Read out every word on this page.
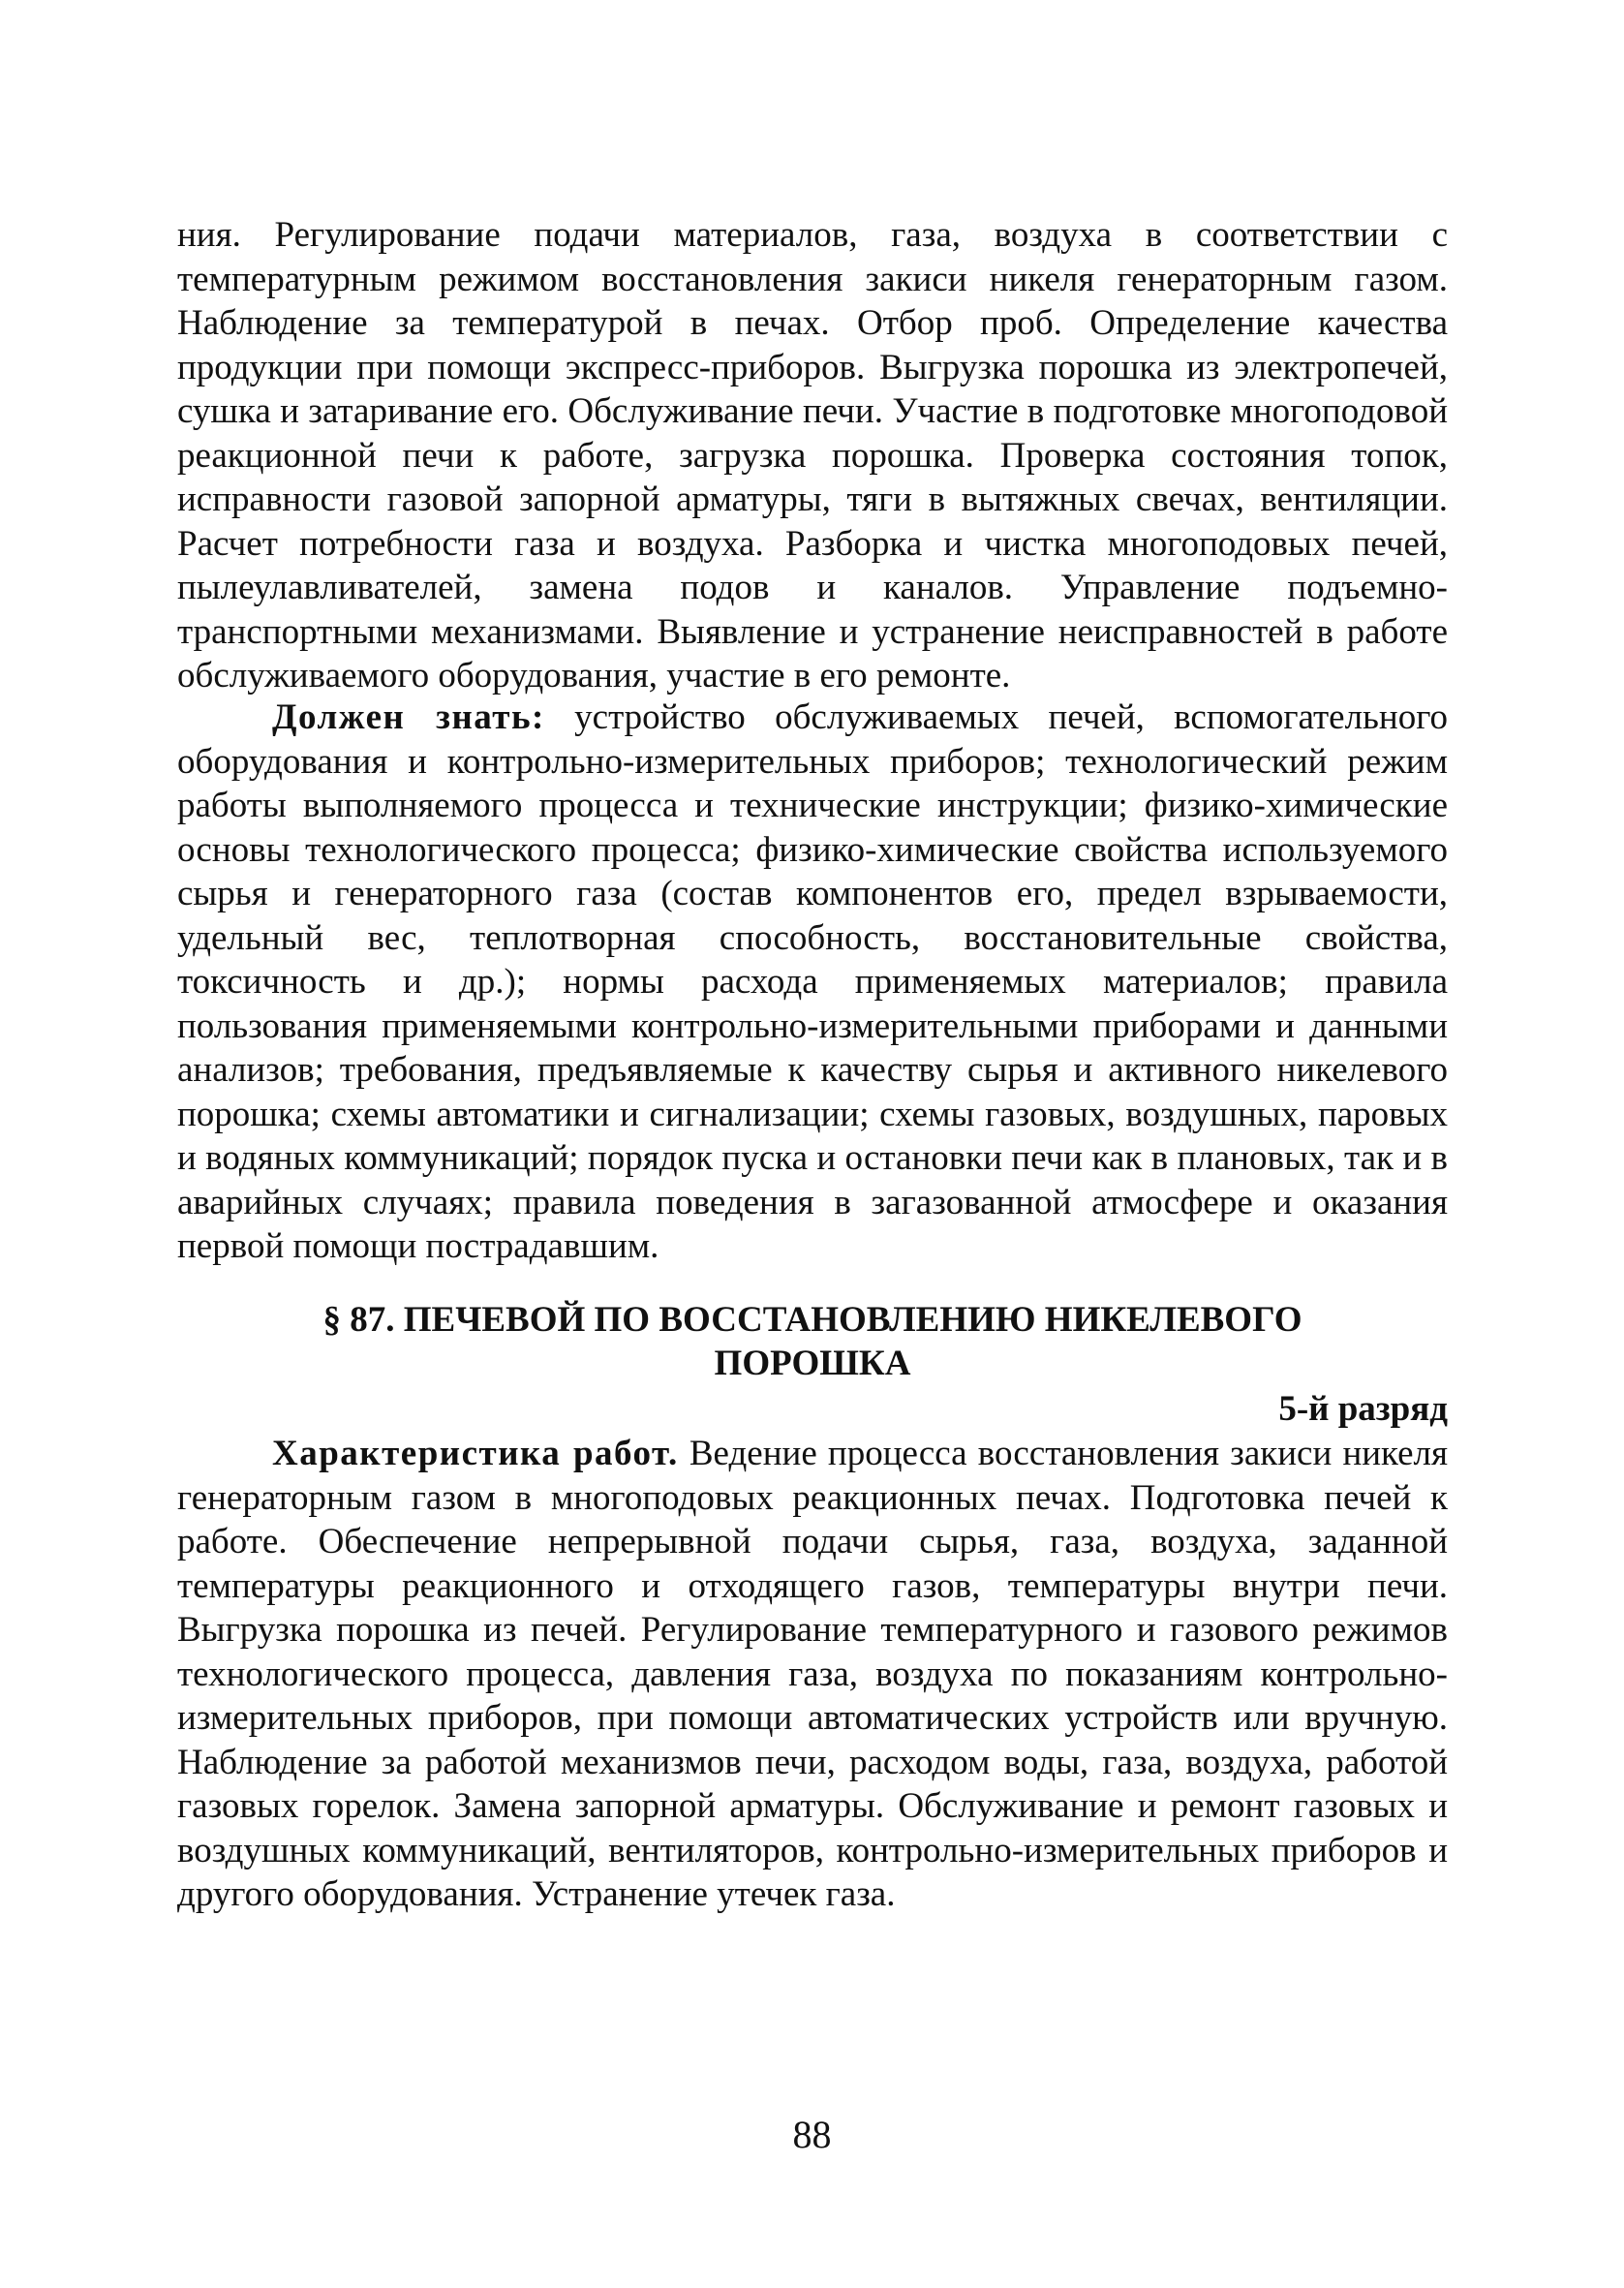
ния. Регулирование подачи материалов, газа, воздуха в соответствии с температурным режимом восстановления закиси никеля генераторным газом. Наблюдение за температурой в печах. Отбор проб. Определение качества продукции при помощи экспресс-приборов. Выгрузка порошка из электропечей, сушка и затаривание его. Обслуживание печи. Участие в подготовке многоподовой реакционной печи к работе, загрузка порошка. Проверка состояния топок, исправности газовой запорной арматуры, тяги в вытяжных свечах, вентиляции. Расчет потребности газа и воздуха. Разборка и чистка многоподовых печей, пылеулавливателей, замена подов и каналов. Управление подъемно-транспортными механизмами. Выявление и устранение неисправностей в работе обслуживаемого оборудования, участие в его ремонте.

Должен знать: устройство обслуживаемых печей, вспомогательного оборудования и контрольно-измерительных приборов; технологический режим работы выполняемого процесса и технические инструкции; физико-химические основы технологического процесса; физико-химические свойства используемого сырья и генераторного газа (состав компонентов его, предел взрываемости, удельный вес, теплотворная способность, восстановительные свойства, токсичность и др.); нормы расхода применяемых материалов; правила пользования применяемыми контрольно-измерительными приборами и данными анализов; требования, предъявляемые к качеству сырья и активного никелевого порошка; схемы автоматики и сигнализации; схемы газовых, воздушных, паровых и водяных коммуникаций; порядок пуска и остановки печи как в плановых, так и в аварийных случаях; правила поведения в загазованной атмосфере и оказания первой помощи пострадавшим.

§ 87. ПЕЧЕВОЙ ПО ВОССТАНОВЛЕНИЮ НИКЕЛЕВОГО
ПОРОШКА

5-й разряд

Характеристика работ. Ведение процесса восстановления закиси никеля генераторным газом в многоподовых реакционных печах. Подготовка печей к работе. Обеспечение непрерывной подачи сырья, газа, воздуха, заданной температуры реакционного и отходящего газов, температуры внутри печи. Выгрузка порошка из печей. Регулирование температурного и газового режимов технологического процесса, давления газа, воздуха по показаниям контрольно-измерительных приборов, при помощи автоматических устройств или вручную. Наблюдение за работой механизмов печи, расходом воды, газа, воздуха, работой газовых горелок. Замена запорной арматуры. Обслуживание и ремонт газовых и воздушных коммуникаций, вентиляторов, контрольно-измерительных приборов и другого оборудования. Устранение утечек газа.

88
